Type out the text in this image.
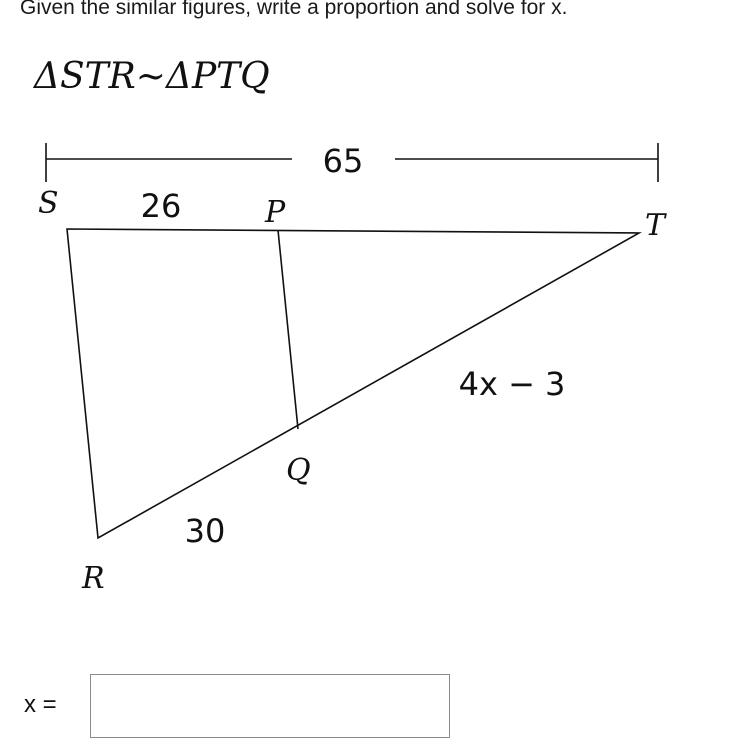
Given the similar figures, write a proportion and solve for x.
ΔSTR~ΔPTQ
S	P	T
Q
R
65
26
4x − 3
30
x =
